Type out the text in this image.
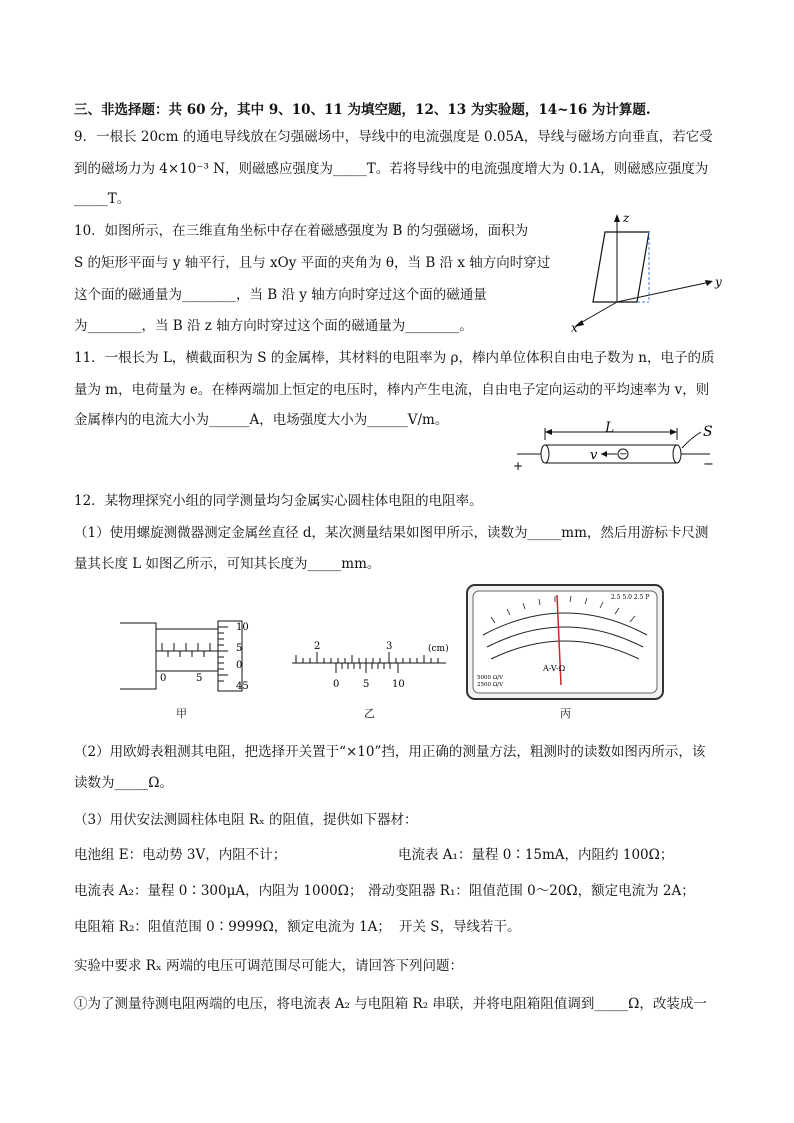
三、非选择题：共 60 分，其中 9、10、11 为填空题，12、13 为实验题，14~16 为计算题.
9．一根长 20cm 的通电导线放在匀强磁场中，导线中的电流强度是 0.05A，导线与磁场方向垂直，若它受
到的磁场力为 4×10⁻³ N，则磁感应强度为_____T。若将导线中的电流强度增大为 0.1A，则磁感应强度为
_____T。
10．如图所示，在三维直角坐标中存在着磁感强度为 B 的匀强磁场，面积为
S 的矩形平面与 y 轴平行，且与 xOy 平面的夹角为 θ，当 B 沿 x 轴方向时穿过
这个面的磁通量为________，当 B 沿 y 轴方向时穿过这个面的磁通量
为________，当 B 沿 z 轴方向时穿过这个面的磁通量为________。
z
y
x
11．一根长为 L，横截面积为 S 的金属棒，其材料的电阻率为 ρ，棒内单位体积自由电子数为 n，电子的质
量为 m，电荷量为 e。在棒两端加上恒定的电压时，棒内产生电流，自由电子定向运动的平均速率为 v，则
金属棒内的电流大小为______A，电场强度大小为______V/m。	L
v −
S
+	−
12．某物理探究小组的同学测量均匀金属实心圆柱体电阻的电阻率。
（1）使用螺旋测微器测定金属丝直径 d，某次测量结果如图甲所示，读数为_____mm，然后用游标卡尺测
量其长度 L 如图乙所示，可知其长度为_____mm。
10
5
0
45
0	5
甲
2	3	(cm)
0 5 10
乙
A-V-Ω
5000 Ω/V
2500 Ω/V
2.5 5.0 2.5 P
丙
（2）用欧姆表粗测其电阻，把选择开关置于“×10”挡，用正确的测量方法，粗测时的读数如图丙所示，该
读数为_____Ω。
（3）用伏安法测圆柱体电阻 Rₓ 的阻值，提供如下器材：
电池组 E：电动势 3V，内阻不计；	电流表 A₁：量程 0∶15mA，内阻约 100Ω；
电流表 A₂：量程 0∶300μA，内阻为 1000Ω； 滑动变阻器 R₁：阻值范围 0～20Ω，额定电流为 2A；
电阻箱 R₂：阻值范围 0∶9999Ω，额定电流为 1A； 开关 S，导线若干。
实验中要求 Rₓ 两端的电压可调范围尽可能大，请回答下列问题：
①为了测量待测电阻两端的电压，将电流表 A₂ 与电阻箱 R₂ 串联，并将电阻箱阻值调到_____Ω，改装成一
